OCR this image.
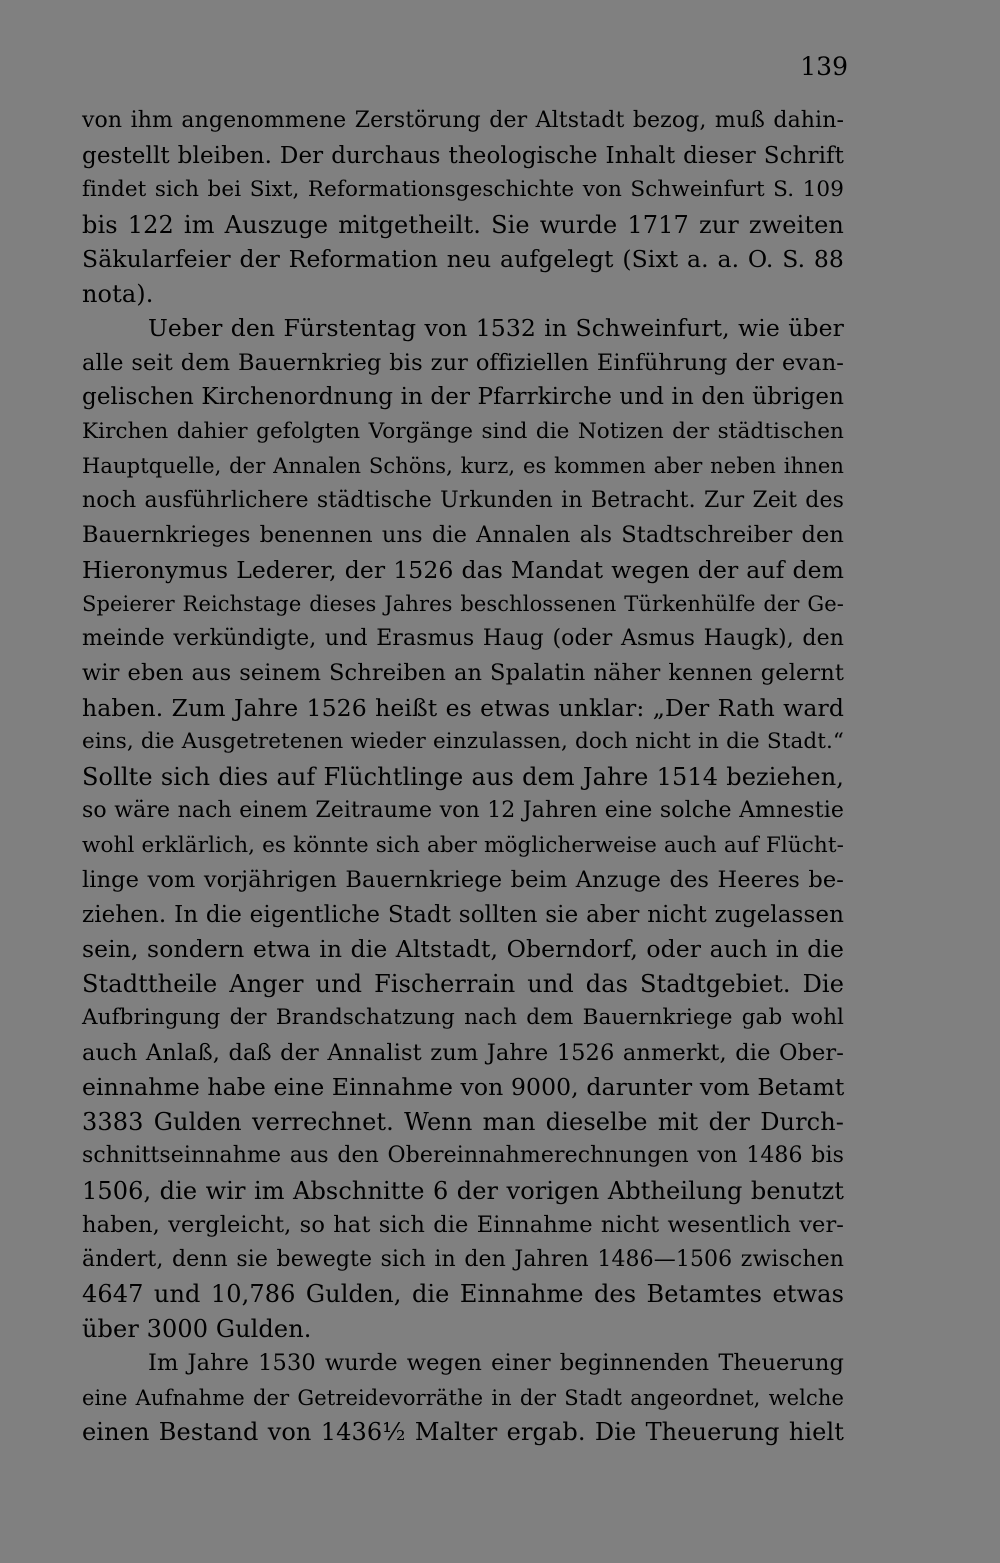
139
von ihm angenommene Zerstörung der Altstadt bezog, muß dahin-
gestellt bleiben. Der durchaus theologische Inhalt dieser Schrift
findet sich bei Sixt, Reformationsgeschichte von Schweinfurt S. 109
bis 122 im Auszuge mitgetheilt. Sie wurde 1717 zur zweiten
Säkularfeier der Reformation neu aufgelegt (Sixt a. a. O. S. 88
nota).
Ueber den Fürstentag von 1532 in Schweinfurt, wie über
alle seit dem Bauernkrieg bis zur offiziellen Einführung der evan-
gelischen Kirchenordnung in der Pfarrkirche und in den übrigen
Kirchen dahier gefolgten Vorgänge sind die Notizen der städtischen
Hauptquelle, der Annalen Schöns, kurz, es kommen aber neben ihnen
noch ausführlichere städtische Urkunden in Betracht. Zur Zeit des
Bauernkrieges benennen uns die Annalen als Stadtschreiber den
Hieronymus Lederer, der 1526 das Mandat wegen der auf dem
Speierer Reichstage dieses Jahres beschlossenen Türkenhülfe der Ge-
meinde verkündigte, und Erasmus Haug (oder Asmus Haugk), den
wir eben aus seinem Schreiben an Spalatin näher kennen gelernt
haben. Zum Jahre 1526 heißt es etwas unklar: „Der Rath ward
eins, die Ausgetretenen wieder einzulassen, doch nicht in die Stadt.“
Sollte sich dies auf Flüchtlinge aus dem Jahre 1514 beziehen,
so wäre nach einem Zeitraume von 12 Jahren eine solche Amnestie
wohl erklärlich, es könnte sich aber möglicherweise auch auf Flücht-
linge vom vorjährigen Bauernkriege beim Anzuge des Heeres be-
ziehen. In die eigentliche Stadt sollten sie aber nicht zugelassen
sein, sondern etwa in die Altstadt, Oberndorf, oder auch in die
Stadttheile Anger und Fischerrain und das Stadtgebiet. Die
Aufbringung der Brandschatzung nach dem Bauernkriege gab wohl
auch Anlaß, daß der Annalist zum Jahre 1526 anmerkt, die Ober-
einnahme habe eine Einnahme von 9000, darunter vom Betamt
3383 Gulden verrechnet. Wenn man dieselbe mit der Durch-
schnittseinnahme aus den Obereinnahmerechnungen von 1486 bis
1506, die wir im Abschnitte 6 der vorigen Abtheilung benutzt
haben, vergleicht, so hat sich die Einnahme nicht wesentlich ver-
ändert, denn sie bewegte sich in den Jahren 1486—1506 zwischen
4647 und 10,786 Gulden, die Einnahme des Betamtes etwas
über 3000 Gulden.
Im Jahre 1530 wurde wegen einer beginnenden Theuerung
eine Aufnahme der Getreidevorräthe in der Stadt angeordnet, welche
einen Bestand von 1436½ Malter ergab. Die Theuerung hielt
